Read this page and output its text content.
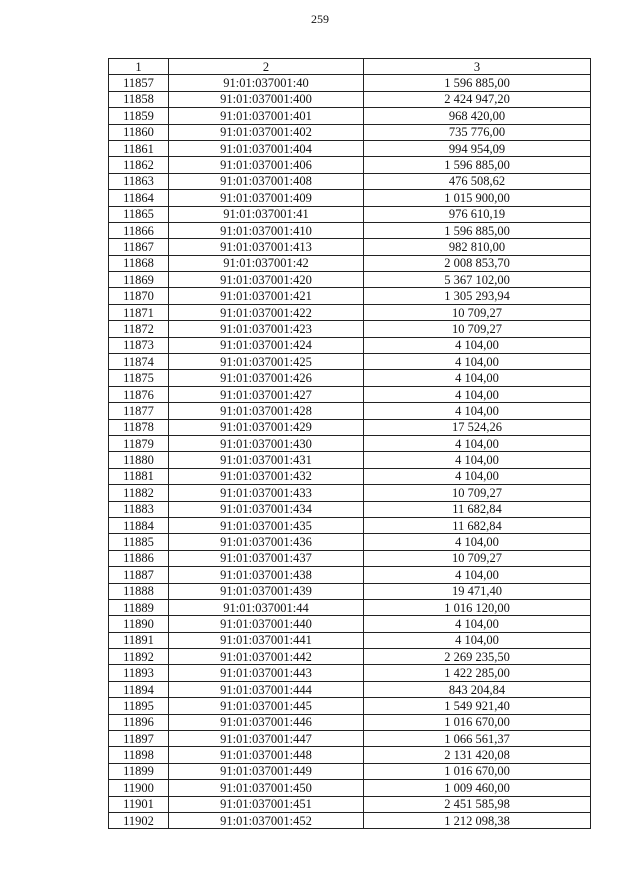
259
1	2	3
11857	91:01:037001:40	1 596 885,00
11858	91:01:037001:400	2 424 947,20
11859	91:01:037001:401	968 420,00
11860	91:01:037001:402	735 776,00
11861	91:01:037001:404	994 954,09
11862	91:01:037001:406	1 596 885,00
11863	91:01:037001:408	476 508,62
11864	91:01:037001:409	1 015 900,00
11865	91:01:037001:41	976 610,19
11866	91:01:037001:410	1 596 885,00
11867	91:01:037001:413	982 810,00
11868	91:01:037001:42	2 008 853,70
11869	91:01:037001:420	5 367 102,00
11870	91:01:037001:421	1 305 293,94
11871	91:01:037001:422	10 709,27
11872	91:01:037001:423	10 709,27
11873	91:01:037001:424	4 104,00
11874	91:01:037001:425	4 104,00
11875	91:01:037001:426	4 104,00
11876	91:01:037001:427	4 104,00
11877	91:01:037001:428	4 104,00
11878	91:01:037001:429	17 524,26
11879	91:01:037001:430	4 104,00
11880	91:01:037001:431	4 104,00
11881	91:01:037001:432	4 104,00
11882	91:01:037001:433	10 709,27
11883	91:01:037001:434	11 682,84
11884	91:01:037001:435	11 682,84
11885	91:01:037001:436	4 104,00
11886	91:01:037001:437	10 709,27
11887	91:01:037001:438	4 104,00
11888	91:01:037001:439	19 471,40
11889	91:01:037001:44	1 016 120,00
11890	91:01:037001:440	4 104,00
11891	91:01:037001:441	4 104,00
11892	91:01:037001:442	2 269 235,50
11893	91:01:037001:443	1 422 285,00
11894	91:01:037001:444	843 204,84
11895	91:01:037001:445	1 549 921,40
11896	91:01:037001:446	1 016 670,00
11897	91:01:037001:447	1 066 561,37
11898	91:01:037001:448	2 131 420,08
11899	91:01:037001:449	1 016 670,00
11900	91:01:037001:450	1 009 460,00
11901	91:01:037001:451	2 451 585,98
11902	91:01:037001:452	1 212 098,38
